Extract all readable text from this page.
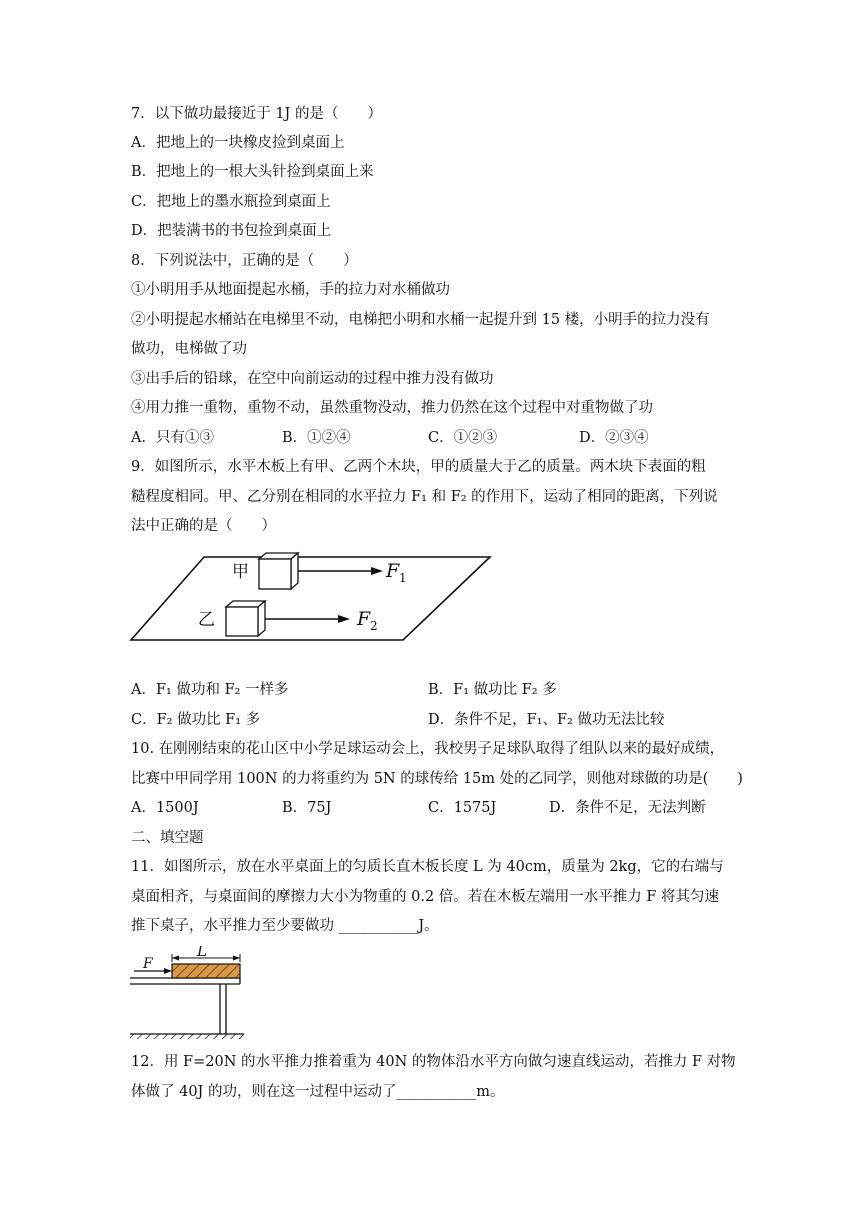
7．以下做功最接近于 1J 的是（　　）
A．把地上的一块橡皮捡到桌面上
B．把地上的一根大头针捡到桌面上来
C．把地上的墨水瓶捡到桌面上
D．把装满书的书包捡到桌面上
8．下列说法中，正确的是（　　）
①小明用手从地面提起水桶，手的拉力对水桶做功
②小明提起水桶站在电梯里不动，电梯把小明和水桶一起提升到 15 楼，小明手的拉力没有
做功，电梯做了功
③出手后的铅球，在空中向前运动的过程中推力没有做功
④用力推一重物，重物不动，虽然重物没动，推力仍然在这个过程中对重物做了功
A．只有①③	B．①②④	C．①②③	D．②③④
9．如图所示，水平木板上有甲、乙两个木块，甲的质量大于乙的质量。两木块下表面的粗
糙程度相同。甲、乙分别在相同的水平拉力 F₁ 和 F₂ 的作用下，运动了相同的距离，下列说
法中正确的是（　　）
甲
乙
F 1
F 2
A．F₁ 做功和 F₂ 一样多	B．F₁ 做功比 F₂ 多
C．F₂ 做功比 F₁ 多	D．条件不足，F₁、F₂ 做功无法比较
10. 在刚刚结束的花山区中小学足球运动会上，我校男子足球队取得了组队以来的最好成绩，
比赛中甲同学用 100N 的力将重约为 5N 的球传给 15m 处的乙同学，则他对球做的功是(　　)
A．1500J	B．75J	C．1575J	D．条件不足，无法判断
二、填空题
11．如图所示，放在水平桌面上的匀质长直木板长度 L 为 40cm，质量为 2kg，它的右端与
桌面相齐，与桌面间的摩擦力大小为物重的 0.2 倍。若在木板左端用一水平推力 F 将其匀速
推下桌子，水平推力至少要做功 ___________J。
L
F
12．用 F=20N 的水平推力推着重为 40N 的物体沿水平方向做匀速直线运动，若推力 F 对物
体做了 40J 的功，则在这一过程中运动了___________m。
